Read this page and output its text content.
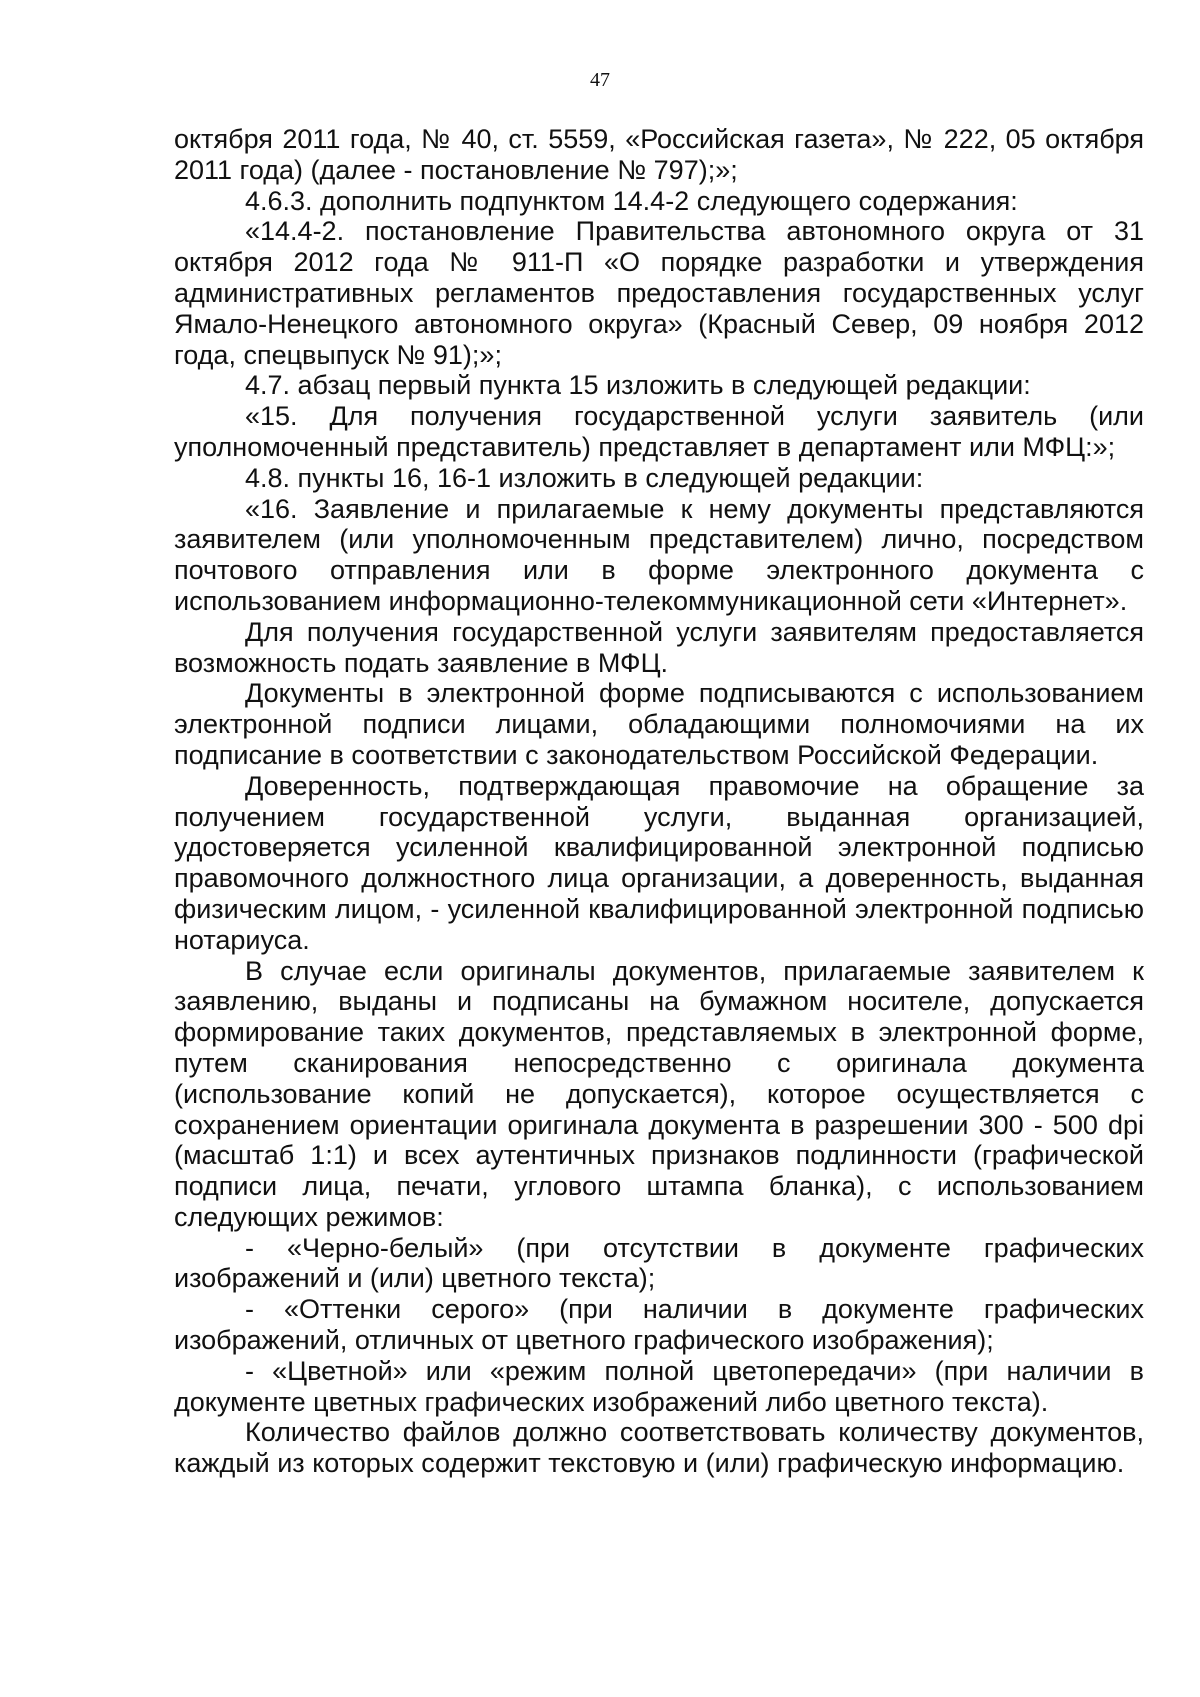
47

октября 2011 года, № 40, ст. 5559, «Российская газета», № 222, 05 октября 2011 года) (далее - постановление № 797);»;

4.6.3. дополнить подпунктом 14.4-2 следующего содержания:

«14.4-2. постановление Правительства автономного округа от 31 октября 2012 года № 911-П «О порядке разработки и утверждения административных регламентов предоставления государственных услуг Ямало-Ненецкого автономного округа» (Красный Север, 09 ноября 2012 года, спецвыпуск № 91);»;

4.7. абзац первый пункта 15 изложить в следующей редакции:

«15. Для получения государственной услуги заявитель (или уполномоченный представитель) представляет в департамент или МФЦ:»;

4.8. пункты 16, 16-1 изложить в следующей редакции:

«16. Заявление и прилагаемые к нему документы представляются заявителем (или уполномоченным представителем) лично, посредством почтового отправления или в форме электронного документа с использованием информационно-телекоммуникационной сети «Интернет».

Для получения государственной услуги заявителям предоставляется возможность подать заявление в МФЦ.

Документы в электронной форме подписываются с использованием электронной подписи лицами, обладающими полномочиями на их подписание в соответствии с законодательством Российской Федерации.

Доверенность, подтверждающая правомочие на обращение за получением государственной услуги, выданная организацией, удостоверяется усиленной квалифицированной электронной подписью правомочного должностного лица организации, а доверенность, выданная физическим лицом, - усиленной квалифицированной электронной подписью нотариуса.

В случае если оригиналы документов, прилагаемые заявителем к заявлению, выданы и подписаны на бумажном носителе, допускается формирование таких документов, представляемых в электронной форме, путем сканирования непосредственно с оригинала документа (использование копий не допускается), которое осуществляется с сохранением ориентации оригинала документа в разрешении 300 - 500 dpi (масштаб 1:1) и всех аутентичных признаков подлинности (графической подписи лица, печати, углового штампа бланка), с использованием следующих режимов:

- «Черно-белый» (при отсутствии в документе графических изображений и (или) цветного текста);

- «Оттенки серого» (при наличии в документе графических изображений, отличных от цветного графического изображения);

- «Цветной» или «режим полной цветопередачи» (при наличии в документе цветных графических изображений либо цветного текста).

Количество файлов должно соответствовать количеству документов, каждый из которых содержит текстовую и (или) графическую информацию.
